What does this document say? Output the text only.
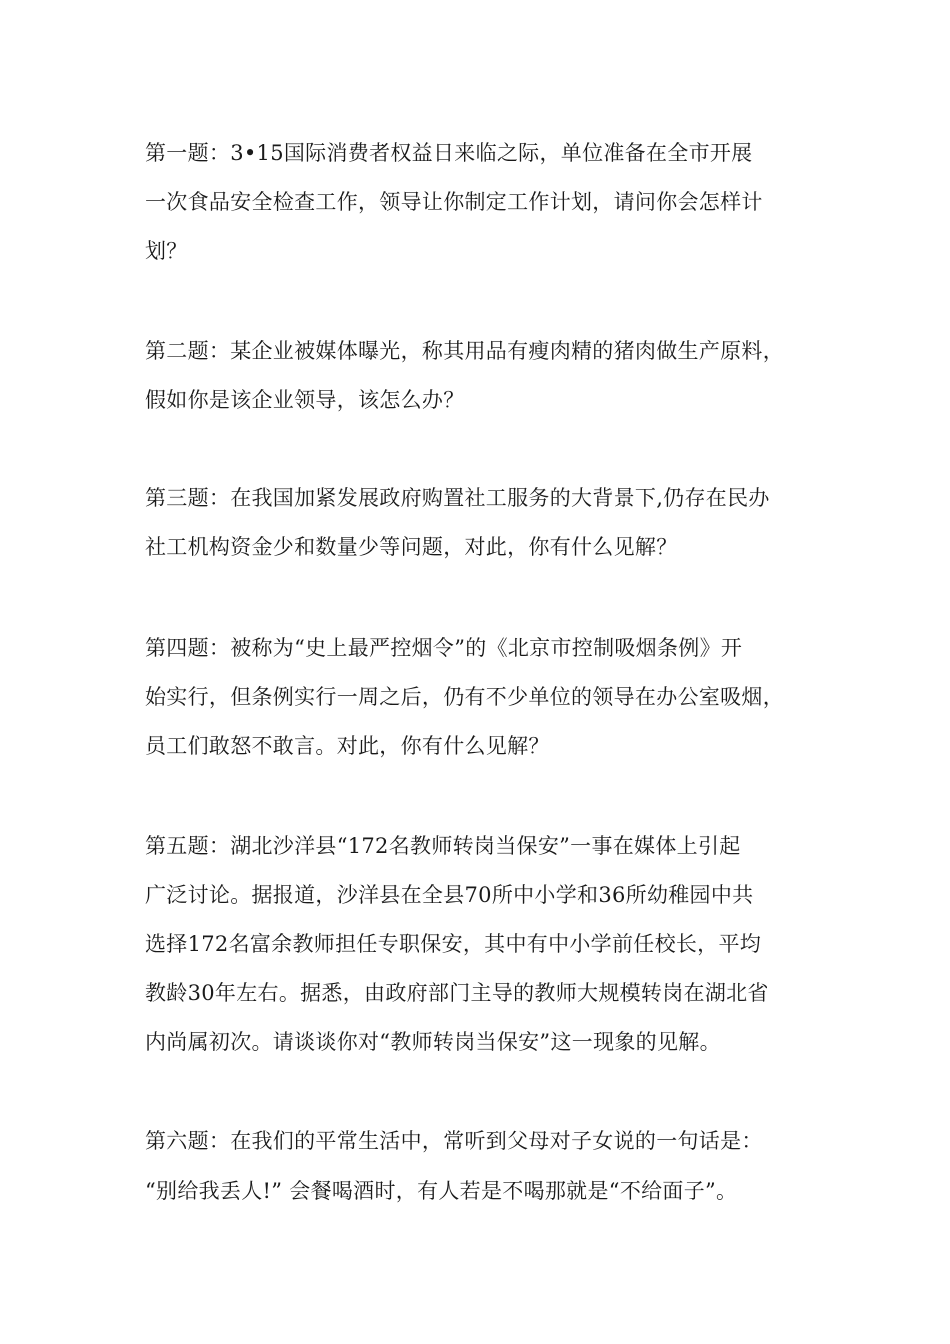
第一题：3•15国际消费者权益日来临之际，单位准备在全市开展
一次食品安全检查工作，领导让你制定工作计划，请问你会怎样计
划？
第二题：某企业被媒体曝光，称其用品有瘦肉精的猪肉做生产原料，
假如你是该企业领导，该怎么办？
第三题：在我国加紧发展政府购置社工服务的大背景下,仍存在民办
社工机构资金少和数量少等问题，对此，你有什么见解？
第四题：被称为“史上最严控烟令”的《北京市控制吸烟条例》开
始实行，但条例实行一周之后，仍有不少单位的领导在办公室吸烟，
员工们敢怒不敢言。对此，你有什么见解？
第五题：湖北沙洋县“172名教师转岗当保安”一事在媒体上引起
广泛讨论。据报道，沙洋县在全县70所中小学和36所幼稚园中共
选择172名富余教师担任专职保安，其中有中小学前任校长，平均
教龄30年左右。据悉，由政府部门主导的教师大规模转岗在湖北省
内尚属初次。请谈谈你对“教师转岗当保安”这一现象的见解。
第六题：在我们的平常生活中，常听到父母对子女说的一句话是：
“别给我丢人!” 会餐喝酒时，有人若是不喝那就是“不给面子”。
